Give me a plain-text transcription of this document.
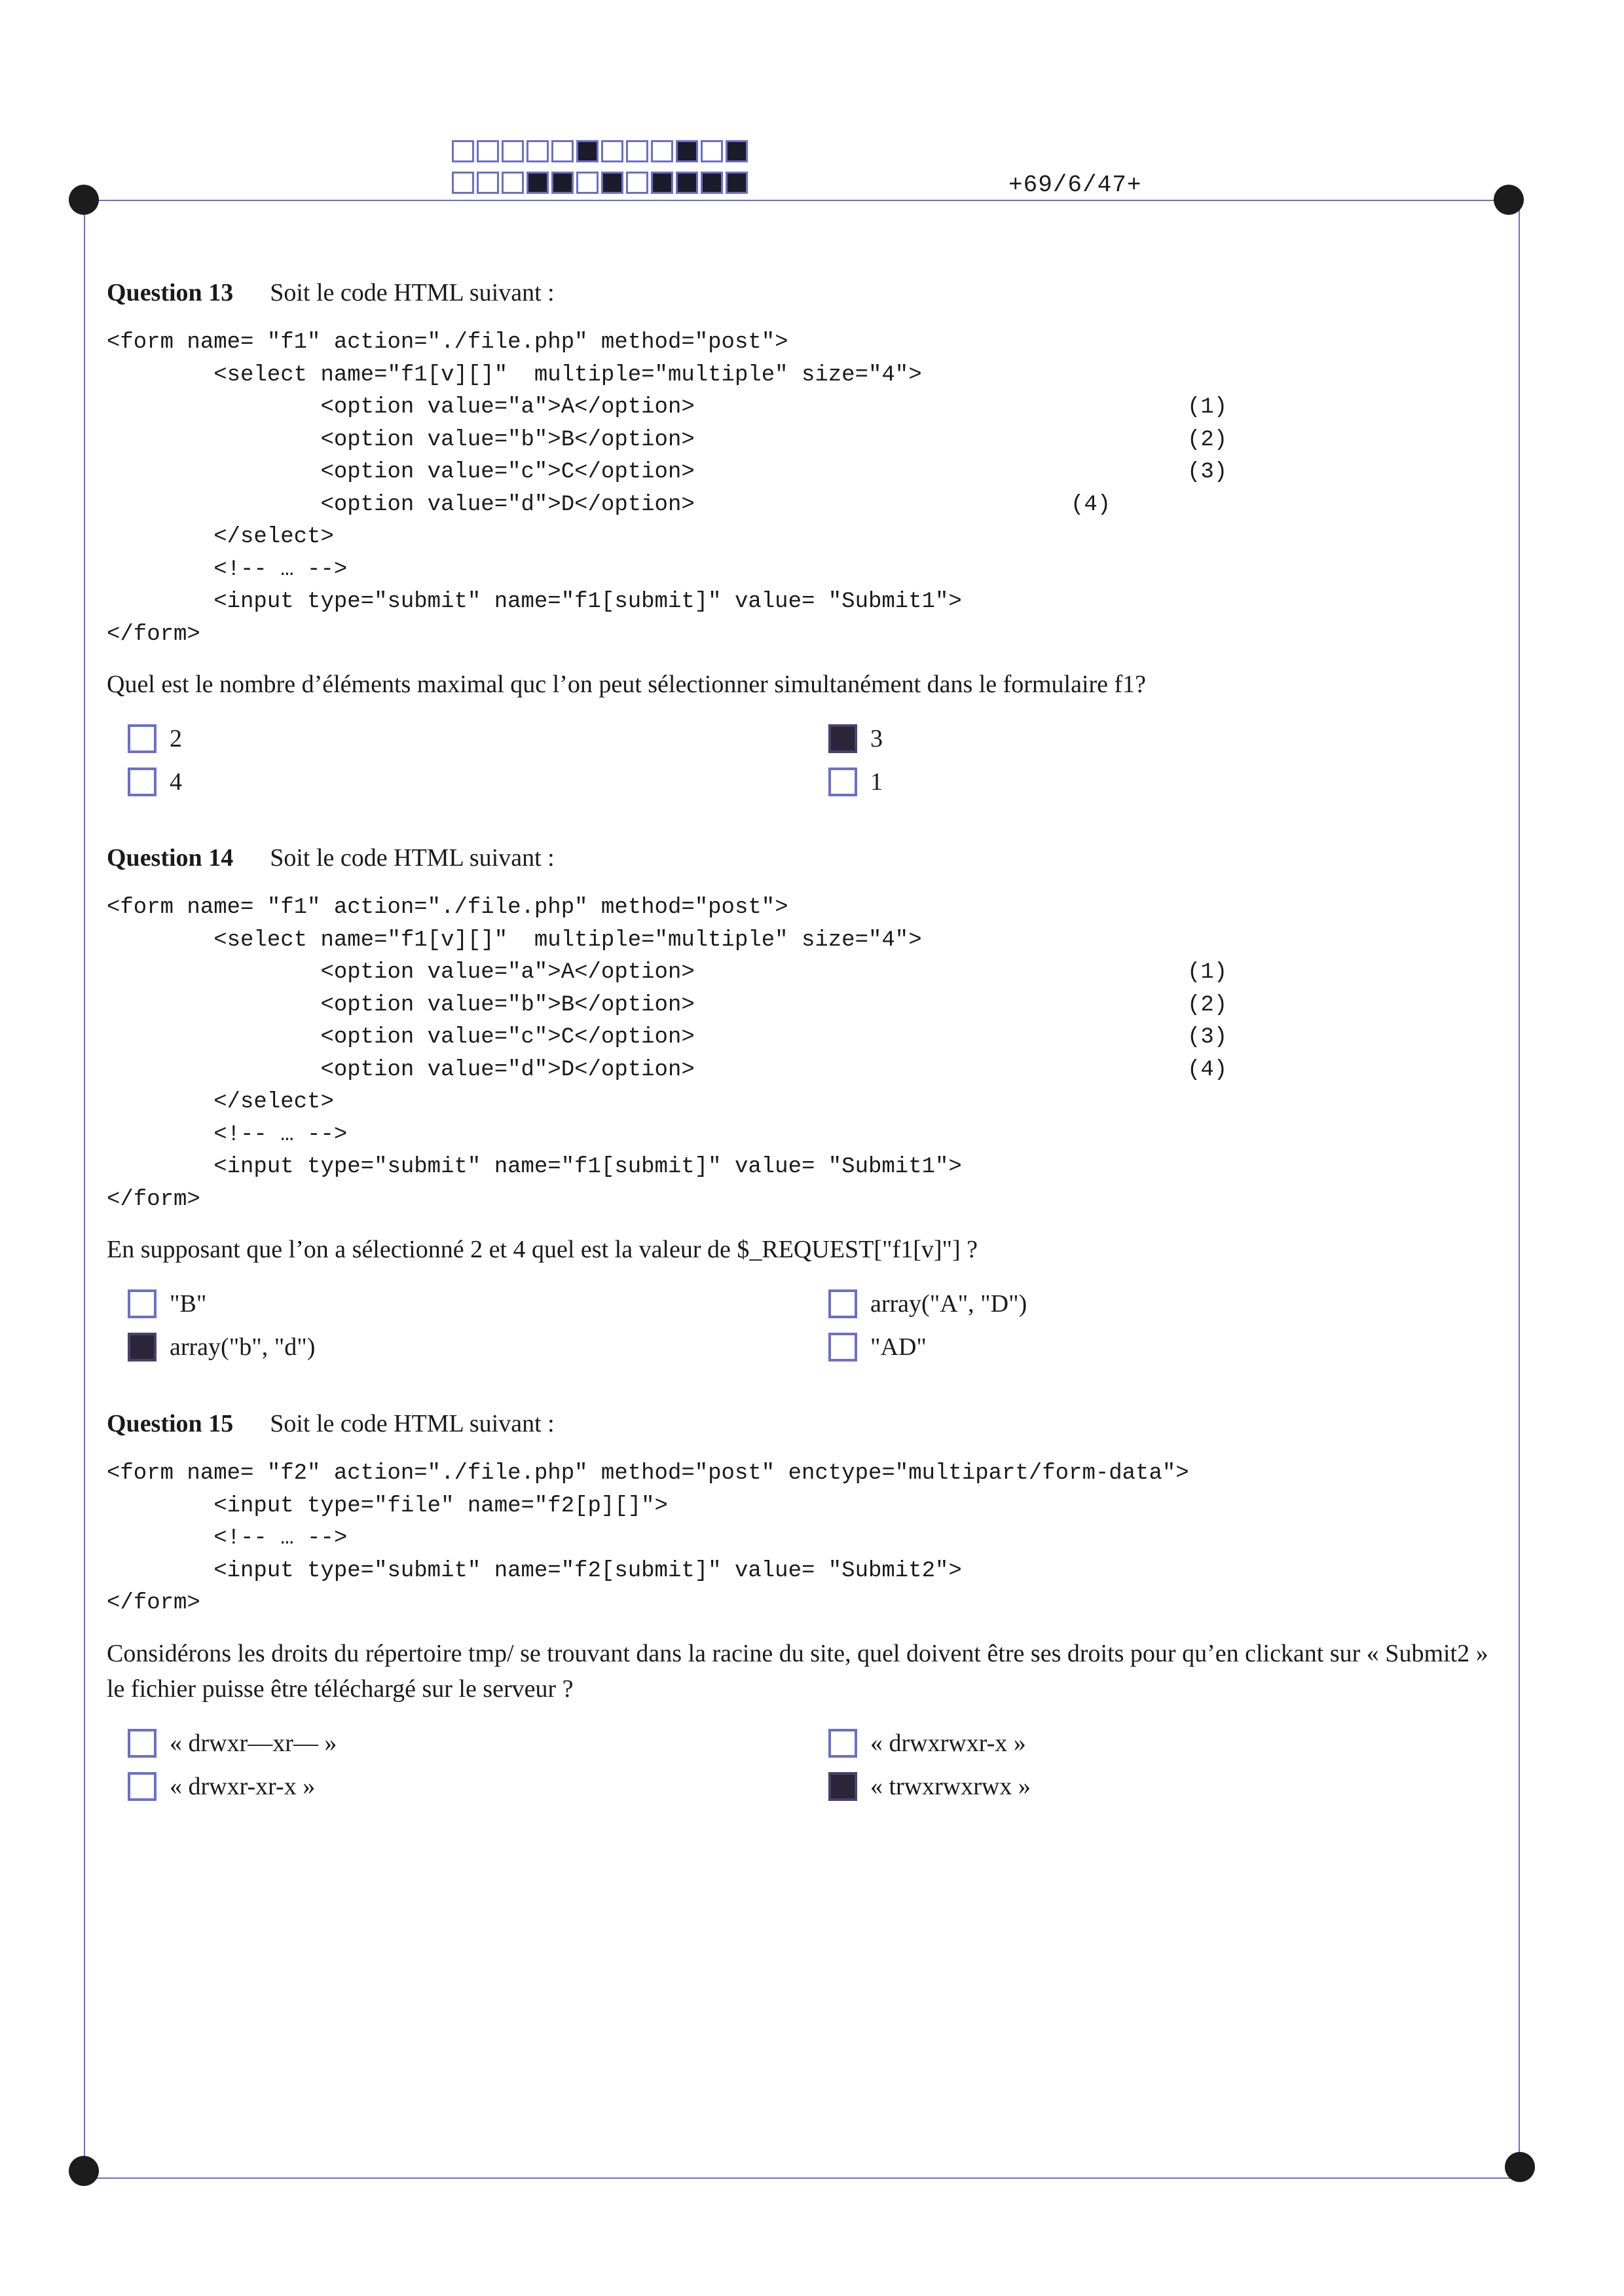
+69/6/47+
Question 13 Soit le code HTML suivant :
<form name= "f1" action="./file.php" method="post">
<select name="f1[v][]"  multiple="multiple" size="4">
<option value="a">A</option>	(1)
<option value="b">B</option>	(2)
<option value="c">C</option>	(3)
<option value="d">D</option>	(4)
</select>
<!-- … -->
<input type="submit" name="f1[submit]" value= "Submit1">
</form>
Quel est le nombre d’éléments maximal quc l’on peut sélectionner simultanément dans le formulaire f1?
2	3
4	1
Question 14 Soit le code HTML suivant :
<form name= "f1" action="./file.php" method="post">
<select name="f1[v][]"  multiple="multiple" size="4">
<option value="a">A</option>	(1)
<option value="b">B</option>	(2)
<option value="c">C</option>	(3)
<option value="d">D</option>	(4)
</select>
<!-- … -->
<input type="submit" name="f1[submit]" value= "Submit1">
</form>
En supposant que l’on a sélectionné 2 et 4 quel est la valeur de $_REQUEST["f1[v]"] ?
"B"	array("A", "D")
array("b", "d")	"AD"
Question 15 Soit le code HTML suivant :
<form name= "f2" action="./file.php" method="post" enctype="multipart/form-data">
<input type="file" name="f2[p][]">
<!-- … -->
<input type="submit" name="f2[submit]" value= "Submit2">
</form>
Considérons les droits du répertoire tmp/ se trouvant dans la racine du site, quel doivent être ses droits pour qu’en clickant sur « Submit2 » le fichier puisse être téléchargé sur le serveur ?
« drwxr—xr— »	« drwxrwxr-x »
« drwxr-xr-x »	« trwxrwxrwx »
